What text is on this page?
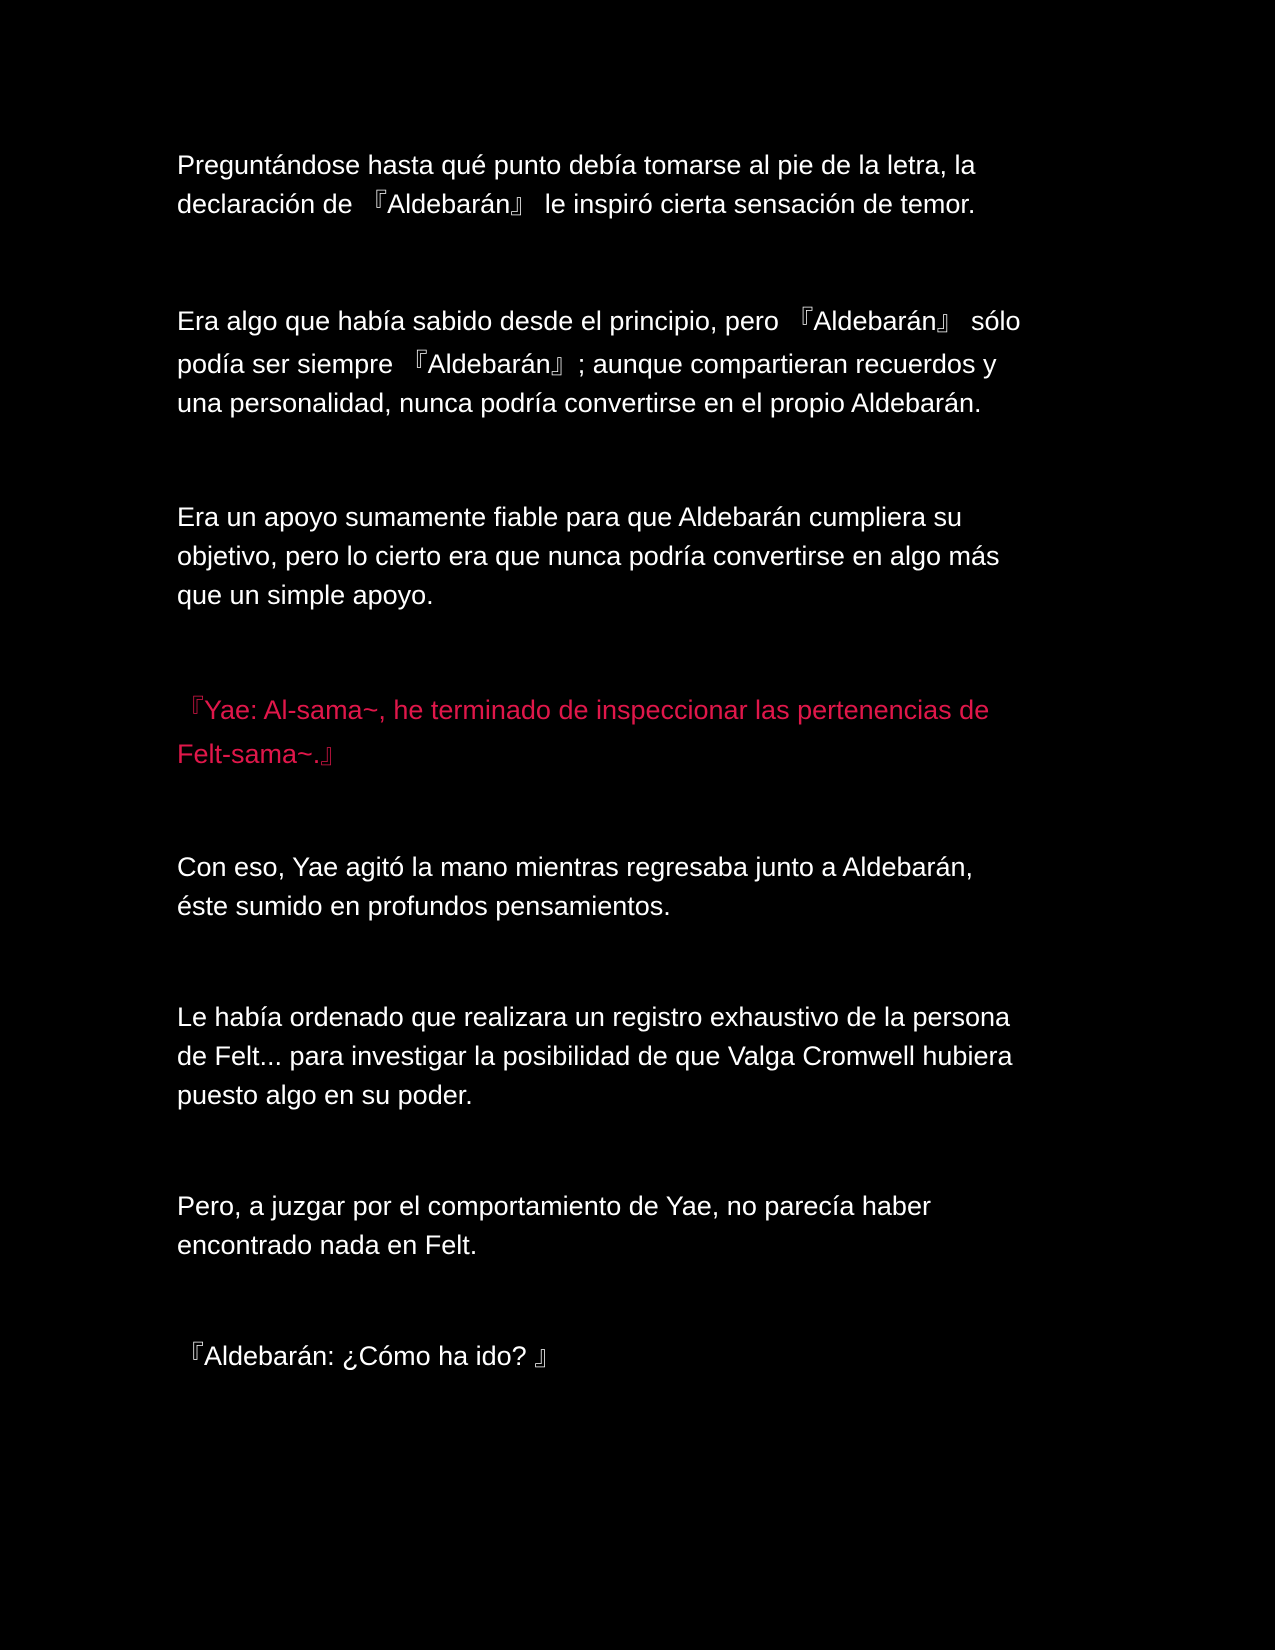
Preguntándose hasta qué punto debía tomarse al pie de la letra, la
declaración de 『Aldebarán』 le inspiró cierta sensación de temor.

Era algo que había sabido desde el principio, pero 『Aldebarán』 sólo
podía ser siempre 『Aldebarán』; aunque compartieran recuerdos y
una personalidad, nunca podría convertirse en el propio Aldebarán.

Era un apoyo sumamente fiable para que Aldebarán cumpliera su
objetivo, pero lo cierto era que nunca podría convertirse en algo más
que un simple apoyo.

『Yae: Al-sama~, he terminado de inspeccionar las pertenencias de
Felt-sama~.』

Con eso, Yae agitó la mano mientras regresaba junto a Aldebarán,
éste sumido en profundos pensamientos.

Le había ordenado que realizara un registro exhaustivo de la persona
de Felt... para investigar la posibilidad de que Valga Cromwell hubiera
puesto algo en su poder.

Pero, a juzgar por el comportamiento de Yae, no parecía haber
encontrado nada en Felt.

『Aldebarán: ¿Cómo ha ido? 』
